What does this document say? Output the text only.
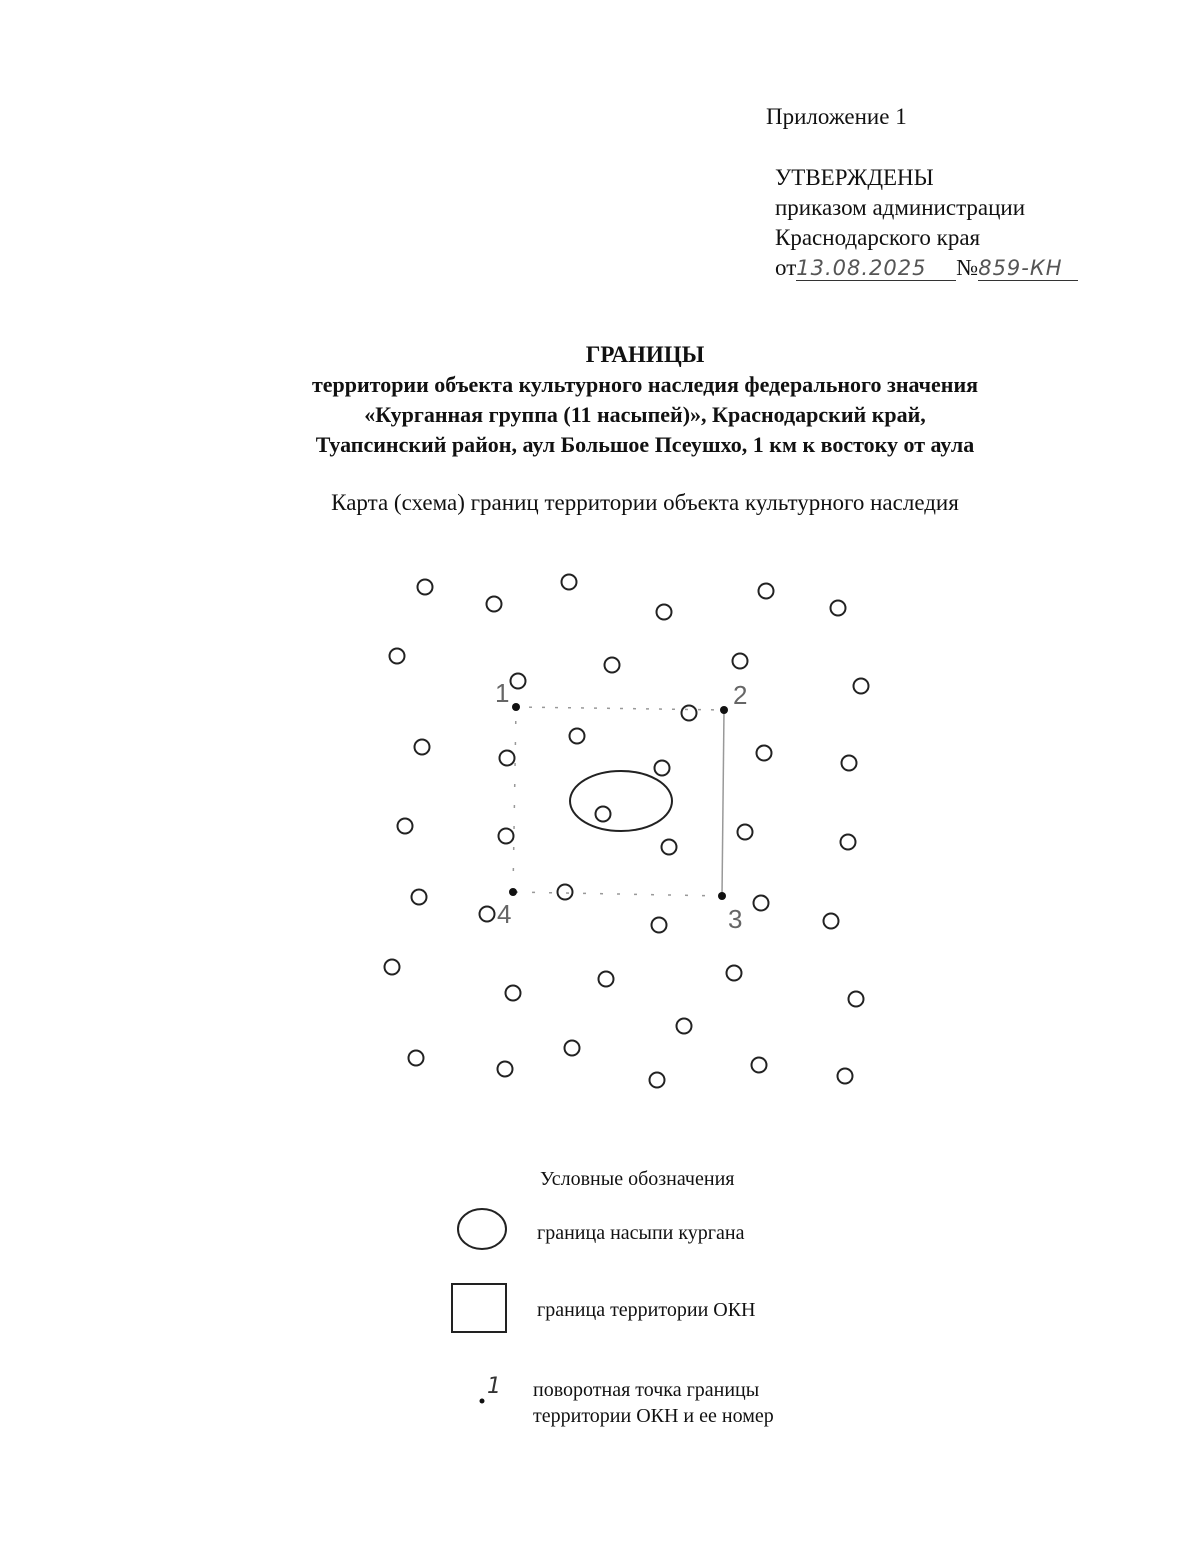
Приложение 1
УТВЕРЖДЕНЫ
приказом администрации
Краснодарского края
от13.08.2025 №859-КН
ГРАНИЦЫ
территории объекта культурного наследия федерального значения
«Курганная группа (11 насыпей)», Краснодарский край,
Туапсинский район, аул Большое Псеушхо, 1 км к востоку от аула
Карта (схема) границ территории объекта культурного наследия
1	2
3
4
Условные обозначения
1
граница насыпи кургана
граница территории ОКН
поворотная точка границы
территории ОКН и ее номер
